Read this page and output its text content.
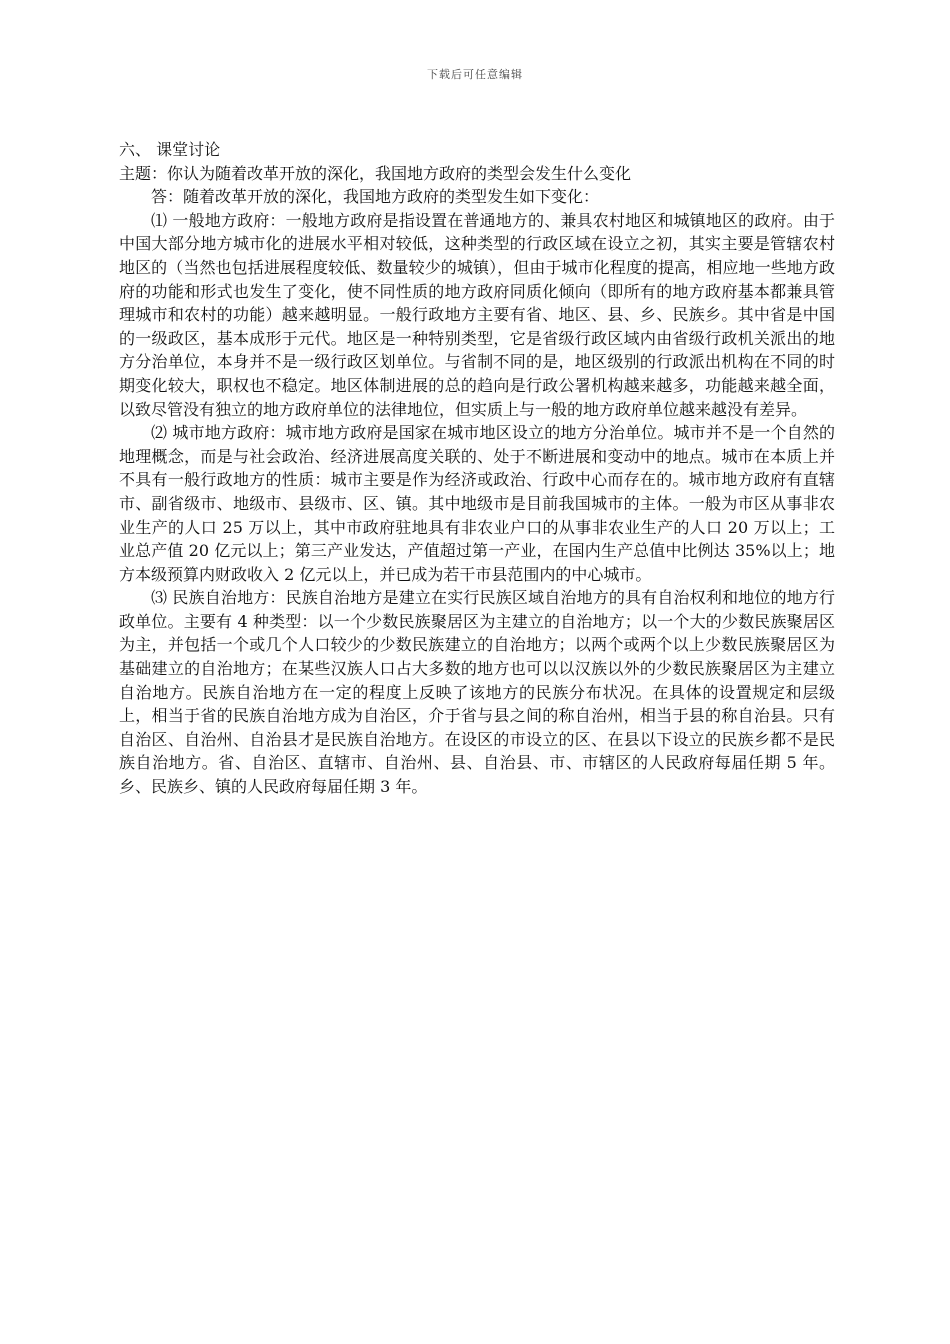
下载后可任意编辑

六、 课堂讨论

主题：你认为随着改革开放的深化，我国地方政府的类型会发生什么变化

答：随着改革开放的深化，我国地方政府的类型发生如下变化：

⑴ 一般地方政府：一般地方政府是指设置在普通地方的、兼具农村地区和城镇地区的政府。由于中国大部分地方城市化的进展水平相对较低，这种类型的行政区域在设立之初，其实主要是管辖农村地区的（当然也包括进展程度较低、数量较少的城镇），但由于城市化程度的提高，相应地一些地方政府的功能和形式也发生了变化，使不同性质的地方政府同质化倾向（即所有的地方政府基本都兼具管理城市和农村的功能）越来越明显。一般行政地方主要有省、地区、县、乡、民族乡。其中省是中国的一级政区，基本成形于元代。地区是一种特别类型，它是省级行政区域内由省级行政机关派出的地方分治单位，本身并不是一级行政区划单位。与省制不同的是，地区级别的行政派出机构在不同的时期变化较大，职权也不稳定。地区体制进展的总的趋向是行政公署机构越来越多，功能越来越全面，以致尽管没有独立的地方政府单位的法律地位，但实质上与一般的地方政府单位越来越没有差异。

⑵ 城市地方政府：城市地方政府是国家在城市地区设立的地方分治单位。城市并不是一个自然的地理概念，而是与社会政治、经济进展高度关联的、处于不断进展和变动中的地点。城市在本质上并不具有一般行政地方的性质：城市主要是作为经济或政治、行政中心而存在的。城市地方政府有直辖市、副省级市、地级市、县级市、区、镇。其中地级市是目前我国城市的主体。一般为市区从事非农业生产的人口 25 万以上，其中市政府驻地具有非农业户口的从事非农业生产的人口 20 万以上；工业总产值 20 亿元以上；第三产业发达，产值超过第一产业，在国内生产总值中比例达 35%以上；地方本级预算内财政收入 2 亿元以上，并已成为若干市县范围内的中心城市。

⑶ 民族自治地方：民族自治地方是建立在实行民族区域自治地方的具有自治权利和地位的地方行政单位。主要有 4 种类型：以一个少数民族聚居区为主建立的自治地方；以一个大的少数民族聚居区为主，并包括一个或几个人口较少的少数民族建立的自治地方；以两个或两个以上少数民族聚居区为基础建立的自治地方；在某些汉族人口占大多数的地方也可以以汉族以外的少数民族聚居区为主建立自治地方。民族自治地方在一定的程度上反映了该地方的民族分布状况。在具体的设置规定和层级上，相当于省的民族自治地方成为自治区，介于省与县之间的称自治州，相当于县的称自治县。只有自治区、自治州、自治县才是民族自治地方。在设区的市设立的区、在县以下设立的民族乡都不是民族自治地方。省、自治区、直辖市、自治州、县、自治县、市、市辖区的人民政府每届任期 5 年。乡、民族乡、镇的人民政府每届任期 3 年。
